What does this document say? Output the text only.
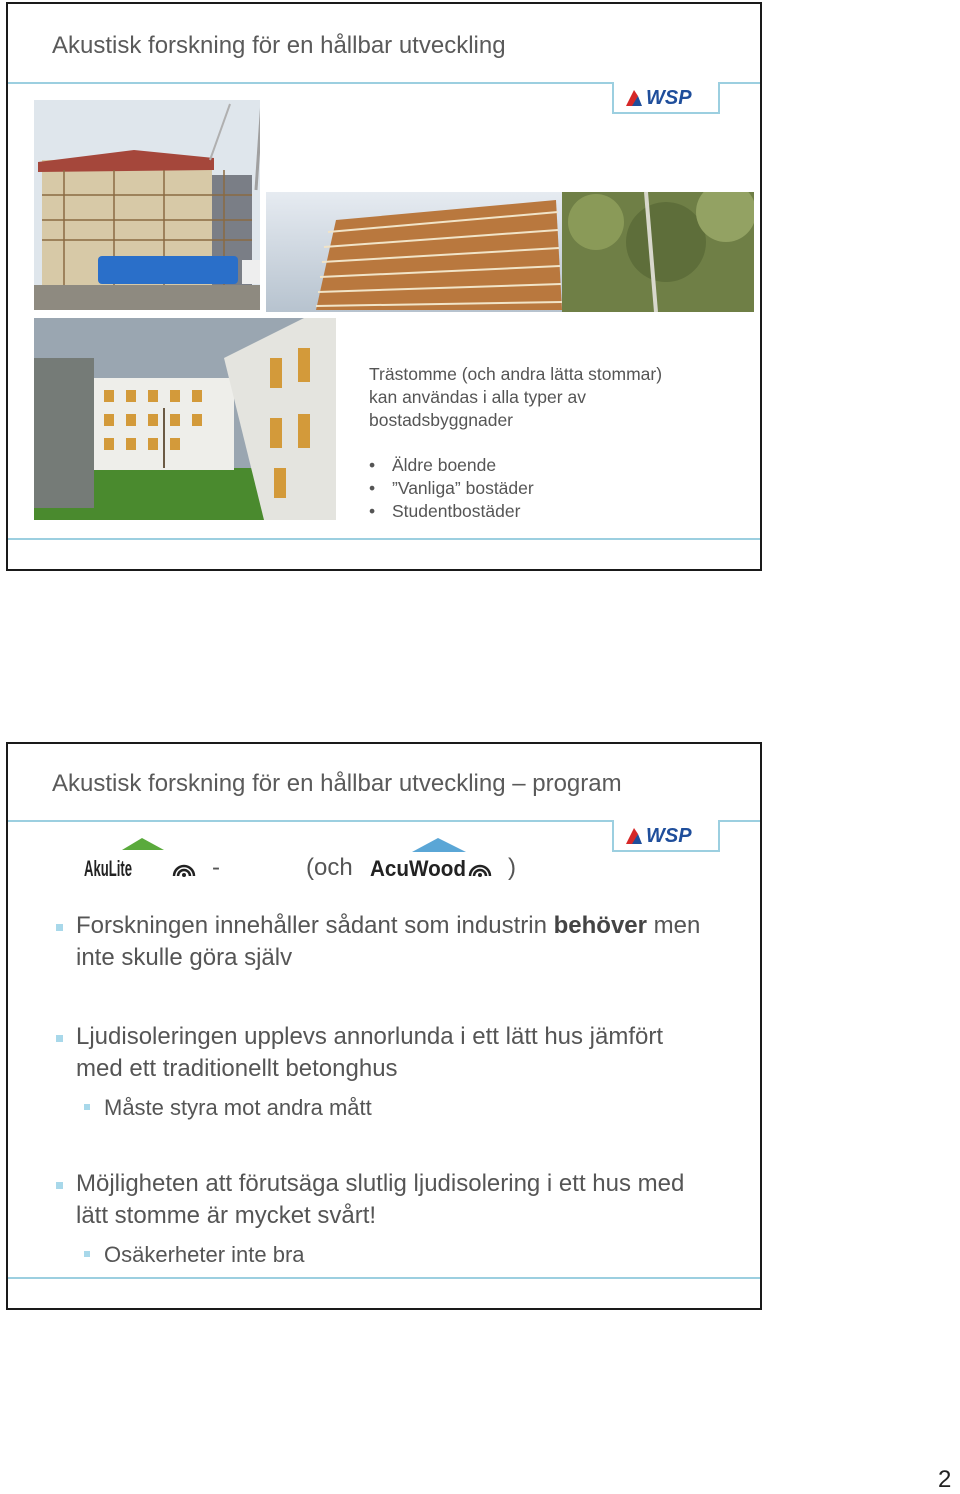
Akustisk forskning för en hållbar utveckling
WSP
Trästomme (och andra lätta stommar) kan användas i alla typer av bostadsbyggnader
• Äldre boende
• ”Vanliga” bostäder
• Studentbostäder
Akustisk forskning för en hållbar utveckling – program
WSP
AkuLite	-	(och AcuWood )
Forskningen innehåller sådant som industrin behöver men inte skulle göra själv
Ljudisoleringen upplevs annorlunda i ett lätt hus jämfört med ett traditionellt betonghus
Måste styra mot andra mått
Möjligheten att förutsäga slutlig ljudisolering i ett hus med lätt stomme är mycket svårt!
Osäkerheter inte bra
2
